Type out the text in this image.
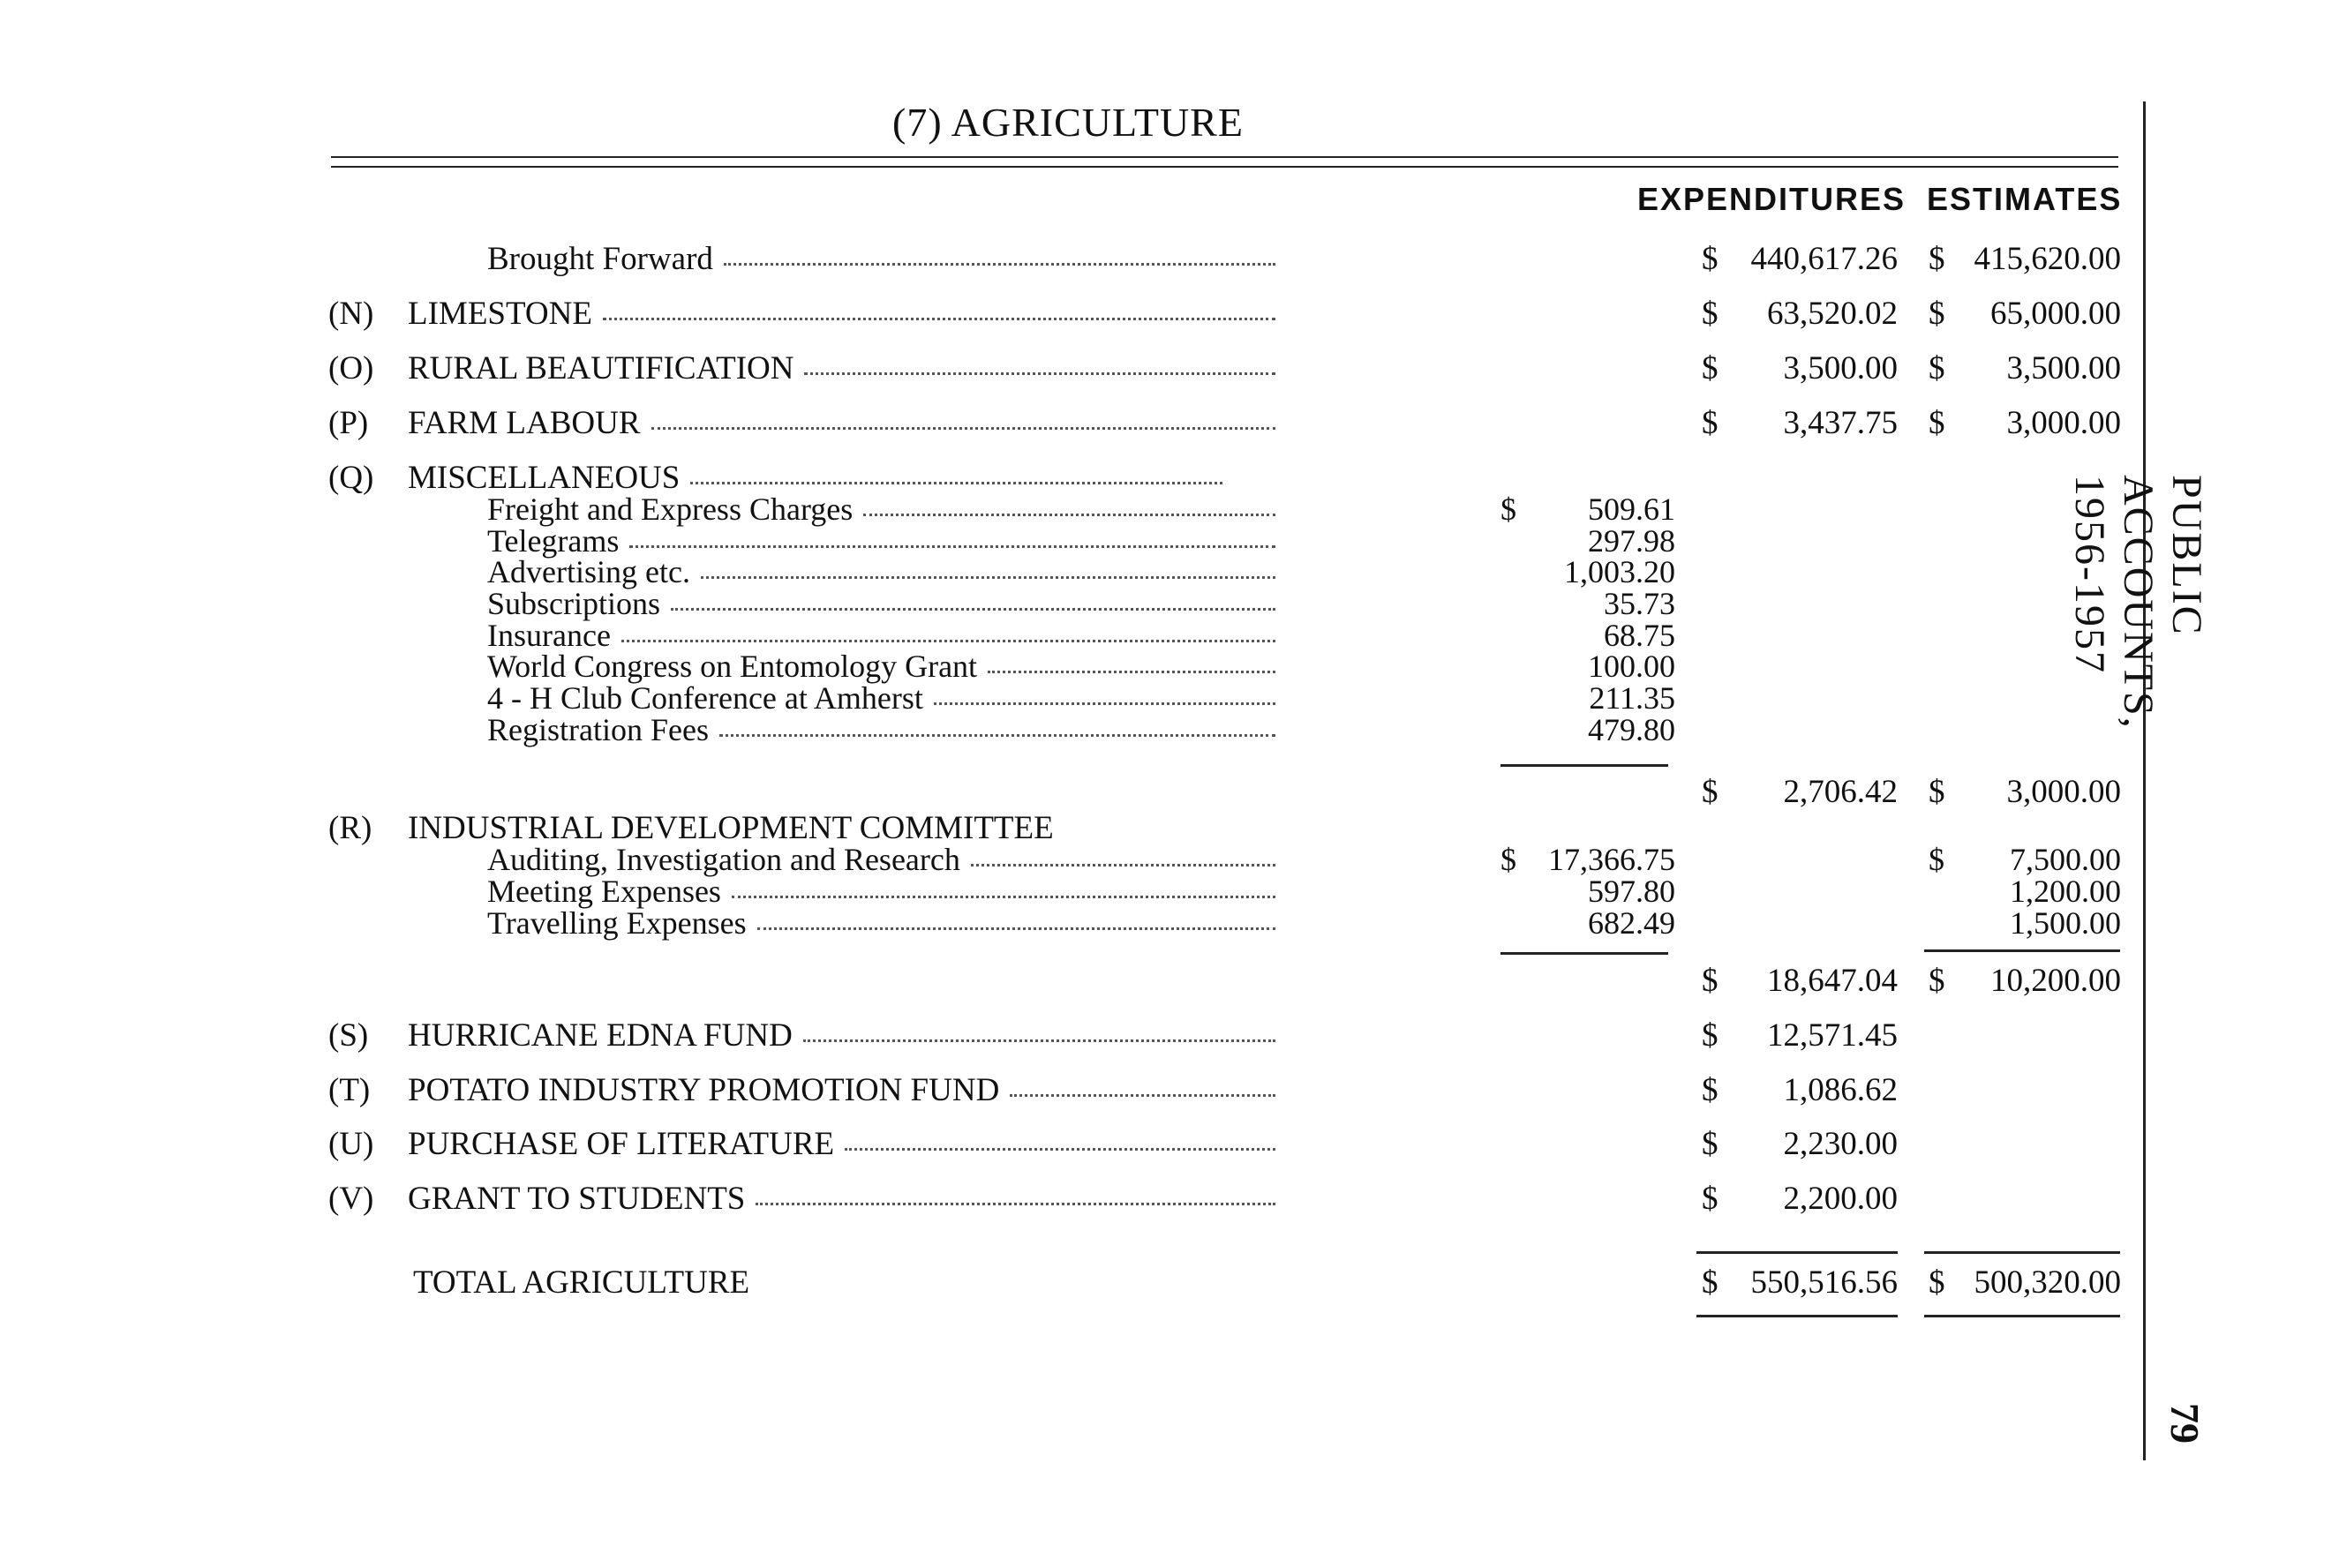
(7) AGRICULTURE
EXPENDITURES ESTIMATES
Brought Forward	$	440,617.26 $ 415,620.00
(N) LIMESTONE	$	63,520.02 $	65,000.00
(O) RURAL BEAUTIFICATION	$	3,500.00 $	3,500.00
(P) FARM LABOUR	$	3,437.75 $	3,000.00
(Q) MISCELLANEOUS
Freight and Express Charges	$	509.61
Telegrams	297.98
Advertising etc.	1,003.20
Subscriptions	35.73
Insurance	68.75
World Congress on Entomology Grant	100.00
4 - H Club Conference at Amherst	211.35
Registration Fees	479.80
$	2,706.42 $	3,000.00
(R) INDUSTRIAL DEVELOPMENT COMMITTEE
Auditing, Investigation and Research	$	17,366.75	$	7,500.00
Meeting Expenses	597.80	1,200.00
Travelling Expenses	682.49	1,500.00
$	18,647.04 $	10,200.00
(S) HURRICANE EDNA FUND	$	12,571.45
(T) POTATO INDUSTRY PROMOTION FUND	$	1,086.62
(U) PURCHASE OF LITERATURE	$	2,230.00
(V) GRANT TO STUDENTS	$	2,200.00
TOTAL AGRICULTURE	$	550,516.56 $ 500,320.00
PUBLIC ACCOUNTS, 1956-1957
79
